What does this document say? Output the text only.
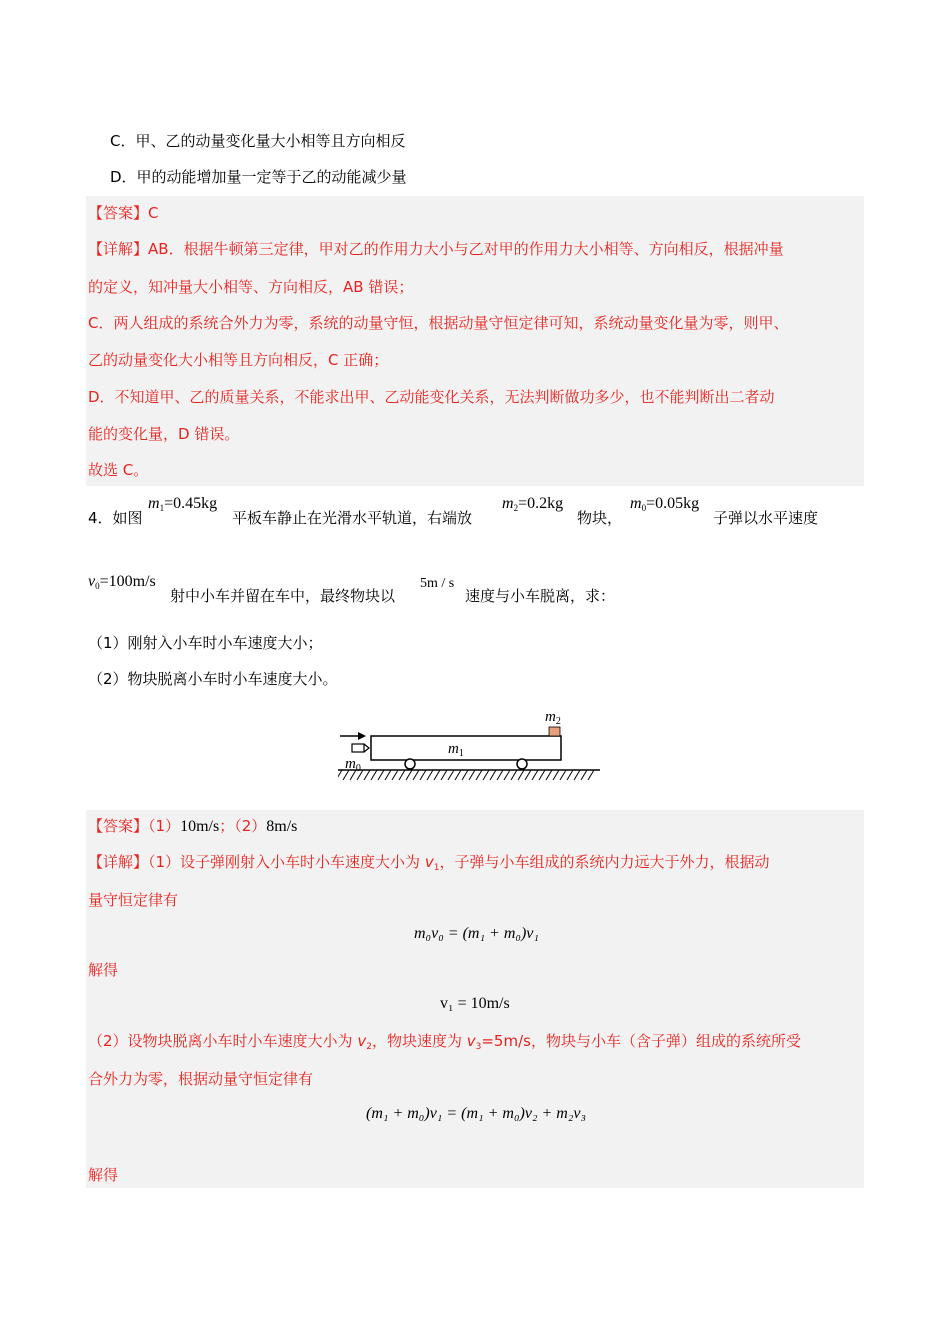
C．甲、乙的动量变化量大小相等且方向相反
D．甲的动能增加量一定等于乙的动能减少量
【答案】C
【详解】AB．根据牛顿第三定律，甲对乙的作用力大小与乙对甲的作用力大小相等、方向相反，根据冲量
的定义，知冲量大小相等、方向相反，AB 错误；
C．两人组成的系统合外力为零，系统的动量守恒，根据动量守恒定律可知，系统动量变化量为零，则甲、
乙的动量变化大小相等且方向相反，C 正确；
D．不知道甲、乙的质量关系，不能求出甲、乙动能变化关系，无法判断做功多少，也不能判断出二者动
能的变化量，D 错误。
故选 C。
4．如图
$m_1=0.45kg$
平板车静止在光滑水平轨道，右端放
$m_2=0.2kg$
物块，
$m_0=0.05kg$
子弹以水平速度
$v_0=100m/s$
射中小车并留在车中，最终物块以
5m / s
速度与小车脱离，求：
（1）刚射入小车时小车速度大小；
（2）物块脱离小车时小车速度大小。
$m_2$
$m_1$
$m_0$
【答案】（1）10m/s；（2）8m/s
【详解】（1）设子弹刚射入小车时小车速度大小为 $v_1$，子弹与小车组成的系统内力远大于外力，根据动
量守恒定律有
m₀v₀ = (m₁ + m₀)v₁
解得
v₁ = 10m/s
（2）设物块脱离小车时小车速度大小为 $v_2$，物块速度为 $v_3=5m/s$，物块与小车（含子弹）组成的系统所受
合外力为零，根据动量守恒定律有
(m₁ + m₀)v₁ = (m₁ + m₀)v₂ + m₂v₃
解得
